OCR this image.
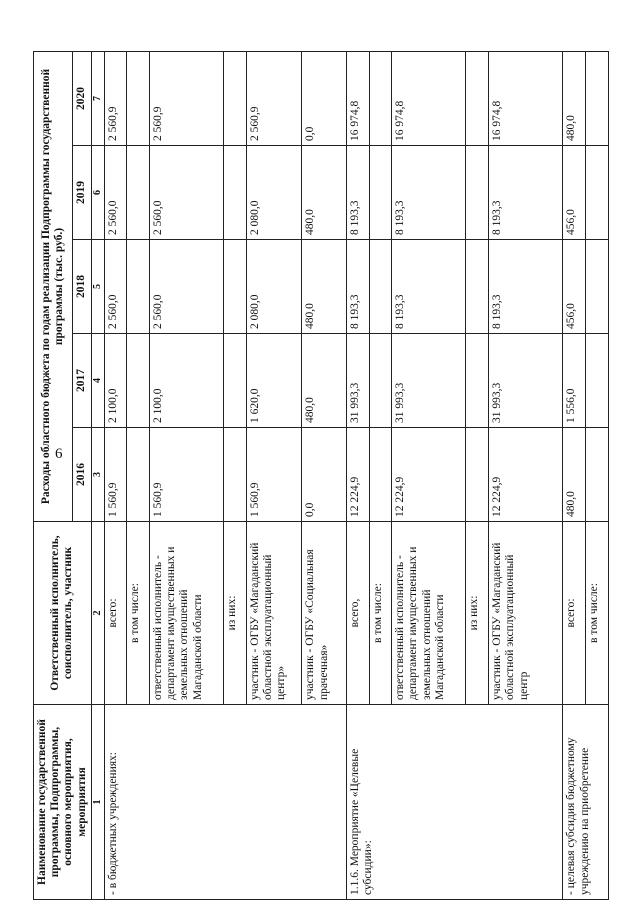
6
Наименование государственной программы, Подпрограммы, основного мероприятия, мероприятия	Ответственный исполнитель, соисполнитель, участник	Расходы областного бюджета по годам реализации Подпрограммы государственной программы (тыс. руб.)				
		2016	2017	2018	2019	2020
1	2	3	4	5	6	7
- в бюджетных учреждениях:	всего:	1 560,9	2 100,0	2 560,0	2 560,0	2 560,9
	в том числе:					
	ответственный исполнитель - департамент имущественных и земельных отношений Магаданской области	1 560,9	2 100,0	2 560,0	2 560,0	2 560,9
	из них:					
	участник - ОГБУ «Магаданский областной эксплуатационный центр»	1 560,9	1 620,0	2 080,0	2 080,0	2 560,9
	участник - ОГБУ «Социальная прачечная»	0,0	480,0	480,0	480,0	0,0
1.1.6. Мероприятие «Целевые субсидии»:	всего,	12 224,9	31 993,3	8 193,3	8 193,3	16 974,8
	в том числе:					
	ответственный исполнитель - департамент имущественных и земельных отношений Магаданской области	12 224,9	31 993,3	8 193,3	8 193,3	16 974,8
	из них:					
	участник - ОГБУ «Магаданский областной эксплуатационный центр	12 224,9	31 993,3	8 193,3	8 193,3	16 974,8
- целевая субсидия бюджетному учреждению на приобретение	всего:	480,0	1 556,0	456,0	456,0	480,0
	в том числе:					
